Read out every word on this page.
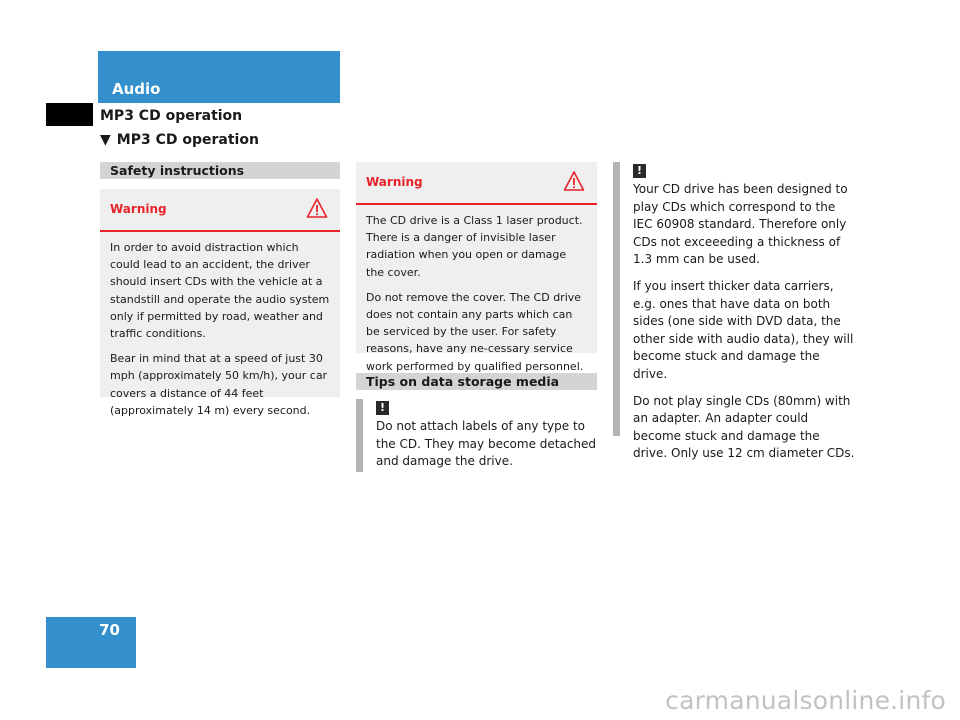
Audio
MP3 CD operation
▼ MP3 CD operation
Safety instructions
Warning

In order to avoid distraction which could lead to an accident, the driver should insert CDs with the vehicle at a standstill and operate the audio system only if permitted by road, weather and traffic conditions.

Bear in mind that at a speed of just 30 mph (approximately 50 km/h), your car covers a distance of 44 feet (approximately 14 m) every second.

Warning

The CD drive is a Class 1 laser product. There is a danger of invisible laser radiation when you open or damage the cover.

Do not remove the cover. The CD drive does not contain any parts which can be serviced by the user. For safety reasons, have any ne-cessary service work performed by qualified personnel.

Tips on data storage media
!

Do not attach labels of any type to the CD. They may become detached and damage the drive.

!

Your CD drive has been designed to play CDs which correspond to the IEC 60908 standard. Therefore only CDs not exceeeding a thickness of 1.3 mm can be used.

If you insert thicker data carriers, e.g. ones that have data on both sides (one side with DVD data, the other side with audio data), they will become stuck and damage the drive.

Do not play single CDs (80mm) with an adapter. An adapter could become stuck and damage the drive. Only use 12 cm diameter CDs.

70
carmanualsonline.info
